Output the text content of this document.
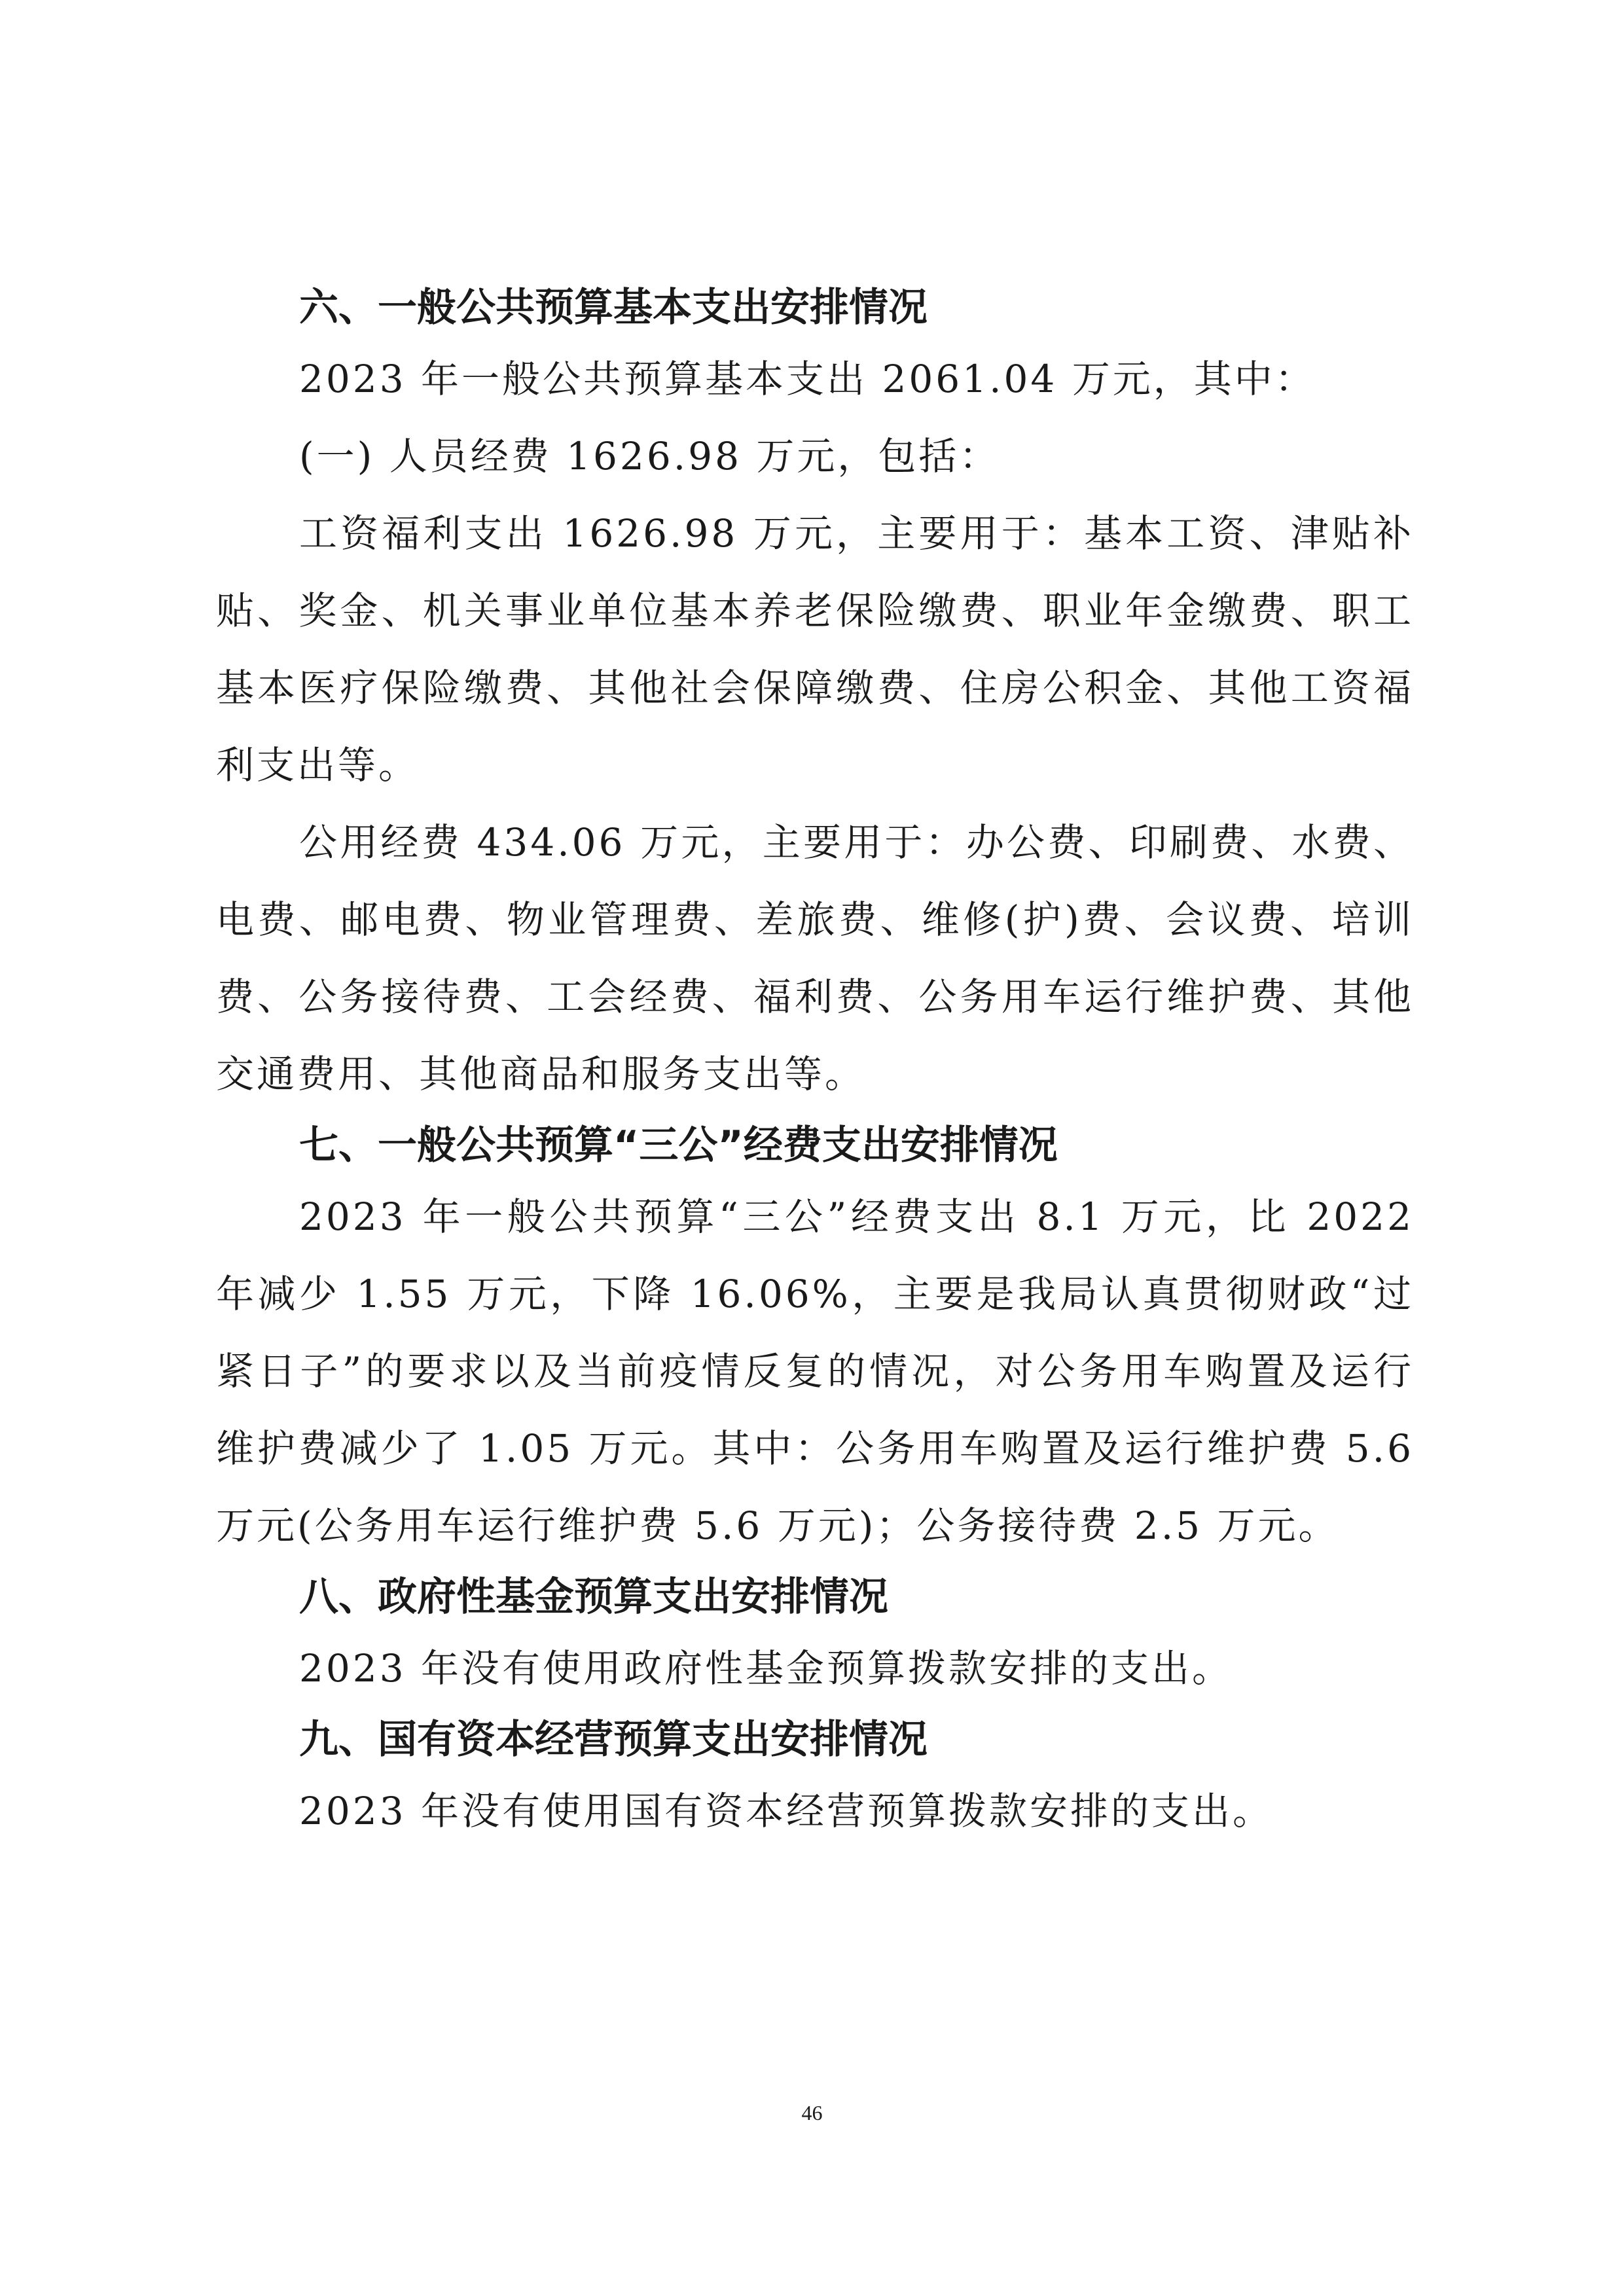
六、一般公共预算基本支出安排情况

2023 年一般公共预算基本支出 2061.04 万元，其中：

(一) 人员经费 1626.98 万元，包括：

工资福利支出 1626.98 万元，主要用于：基本工资、津贴补贴、奖金、机关事业单位基本养老保险缴费、职业年金缴费、职工基本医疗保险缴费、其他社会保障缴费、住房公积金、其他工资福利支出等。

公用经费 434.06 万元，主要用于：办公费、印刷费、水费、电费、邮电费、物业管理费、差旅费、维修(护)费、会议费、培训费、公务接待费、工会经费、福利费、公务用车运行维护费、其他交通费用、其他商品和服务支出等。

七、一般公共预算“三公”经费支出安排情况

2023 年一般公共预算“三公”经费支出 8.1 万元，比 2022 年减少 1.55 万元，下降 16.06%，主要是我局认真贯彻财政“过紧日子”的要求以及当前疫情反复的情况，对公务用车购置及运行维护费减少了 1.05 万元。其中：公务用车购置及运行维护费 5.6 万元(公务用车运行维护费 5.6 万元)；公务接待费 2.5 万元。

八、政府性基金预算支出安排情况

2023 年没有使用政府性基金预算拨款安排的支出。

九、国有资本经营预算支出安排情况

2023 年没有使用国有资本经营预算拨款安排的支出。

46
